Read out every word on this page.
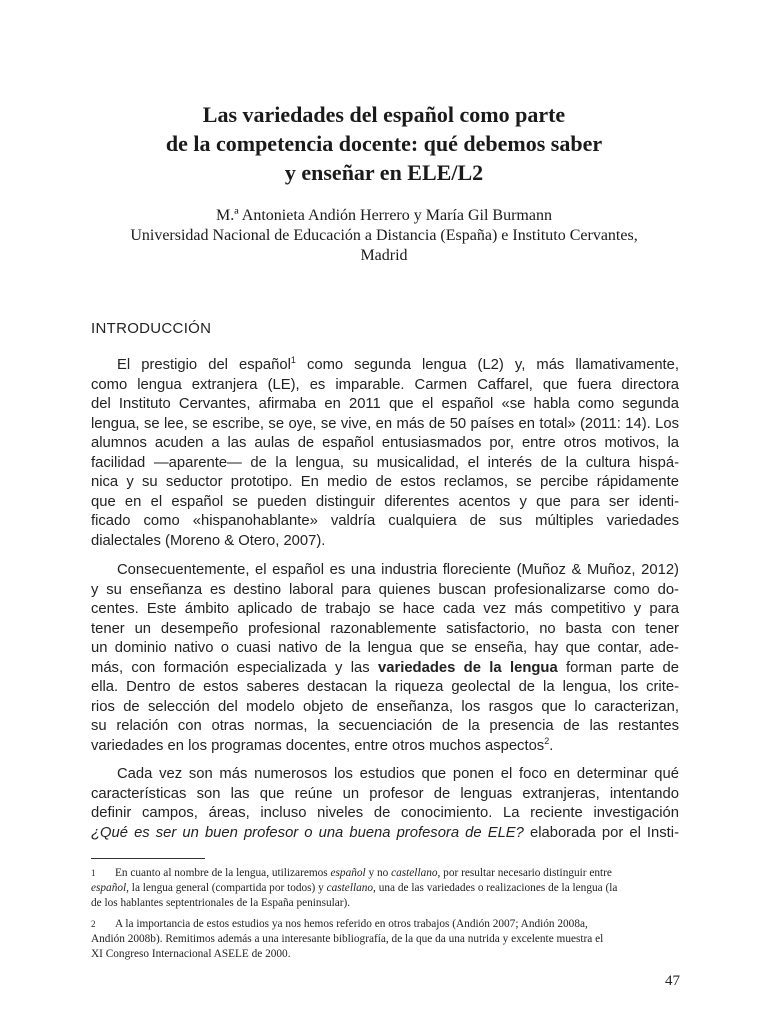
Las variedades del español como parte
de la competencia docente: qué debemos saber
y enseñar en ELE/L2
M.ª Antonieta Andión Herrero y María Gil Burmann
Universidad Nacional de Educación a Distancia (España) e Instituto Cervantes,
Madrid
INTRODUCCIÓN
El prestigio del español$^1$ como segunda lengua (L2) y, más llamativamente,
como lengua extranjera (LE), es imparable. Carmen Caffarel, que fuera directora
del Instituto Cervantes, afirmaba en 2011 que el español «se habla como segunda
lengua, se lee, se escribe, se oye, se vive, en más de 50 países en total» (2011: 14). Los
alumnos acuden a las aulas de español entusiasmados por, entre otros motivos, la
facilidad —aparente— de la lengua, su musicalidad, el interés de la cultura hispá-
nica y su seductor prototipo. En medio de estos reclamos, se percibe rápidamente
que en el español se pueden distinguir diferentes acentos y que para ser identi-
ficado como «hispanohablante» valdría cualquiera de sus múltiples variedades
dialectales (Moreno & Otero, 2007).
Consecuentemente, el español es una industria floreciente (Muñoz & Muñoz, 2012)
y su enseñanza es destino laboral para quienes buscan profesionalizarse como do-
centes. Este ámbito aplicado de trabajo se hace cada vez más competitivo y para
tener un desempeño profesional razonablemente satisfactorio, no basta con tener
un dominio nativo o cuasi nativo de la lengua que se enseña, hay que contar, ade-
más, con formación especializada y las variedades de la lengua forman parte de
ella. Dentro de estos saberes destacan la riqueza geolectal de la lengua, los crite-
rios de selección del modelo objeto de enseñanza, los rasgos que lo caracterizan,
su relación con otras normas, la secuenciación de la presencia de las restantes
variedades en los programas docentes, entre otros muchos aspectos$^2$.
Cada vez son más numerosos los estudios que ponen el foco en determinar qué
características son las que reúne un profesor de lenguas extranjeras, intentando
definir campos, áreas, incluso niveles de conocimiento. La reciente investigación
¿Qué es ser un buen profesor o una buena profesora de ELE? elaborada por el Insti-
1 En cuanto al nombre de la lengua, utilizaremos español y no castellano, por resultar necesario distinguir entre
español, la lengua general (compartida por todos) y castellano, una de las variedades o realizaciones de la lengua (la
de los hablantes septentrionales de la España peninsular).
2 A la importancia de estos estudios ya nos hemos referido en otros trabajos (Andión 2007; Andión 2008a,
Andión 2008b). Remitimos además a una interesante bibliografía, de la que da una nutrida y excelente muestra el
XI Congreso Internacional ASELE de 2000.
47
